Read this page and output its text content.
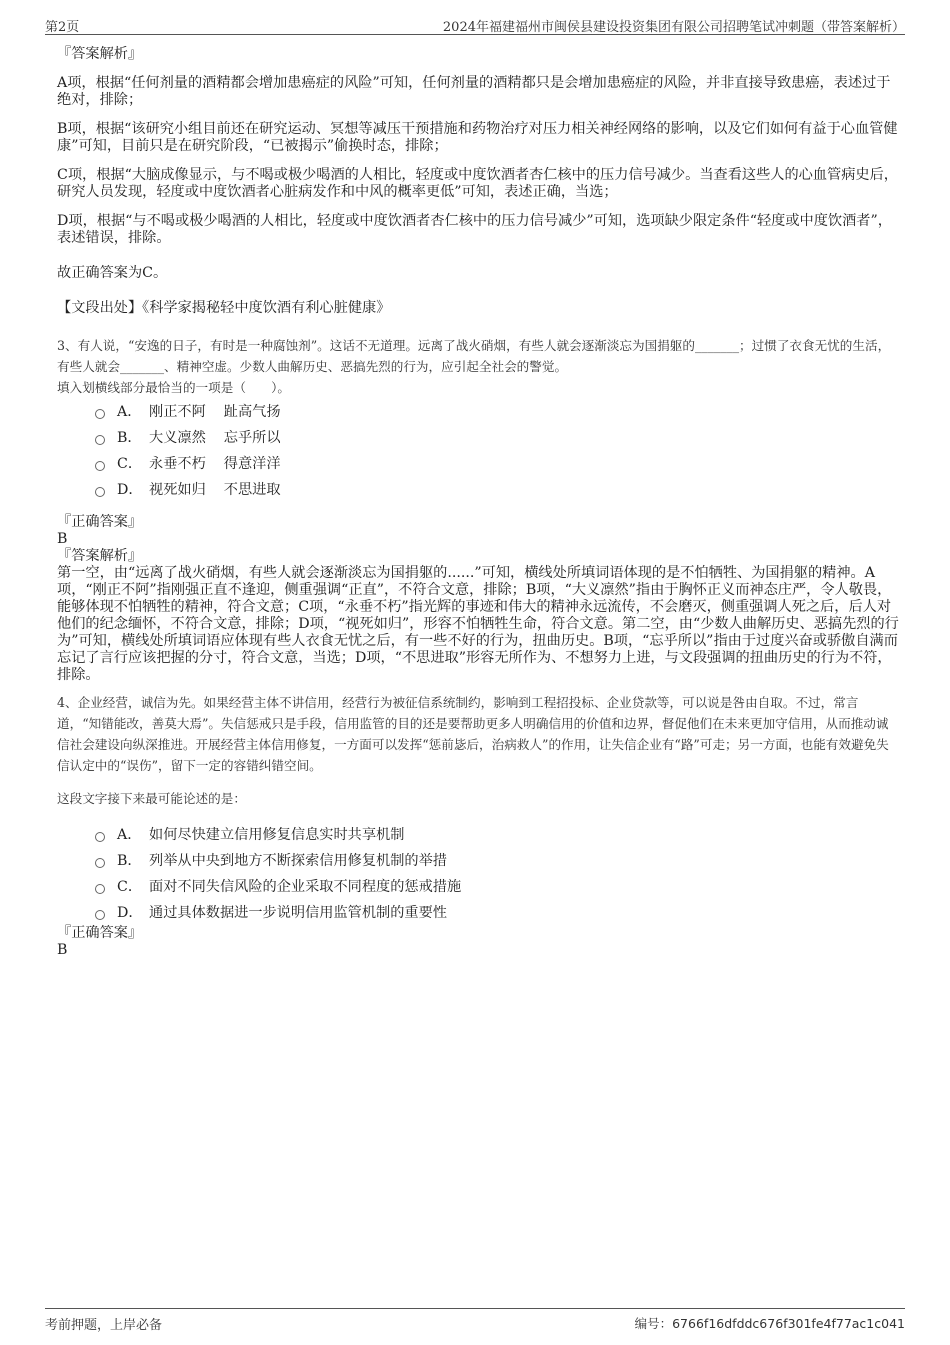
第2页	2024年福建福州市闽侯县建设投资集团有限公司招聘笔试冲刺题（带答案解析）

『答案解析』

A项，根据“任何剂量的酒精都会增加患癌症的风险”可知，任何剂量的酒精都只是会增加患癌症的风险，并非直接导致患癌，表述过于绝对，排除；

B项，根据“该研究小组目前还在研究运动、冥想等减压干预措施和药物治疗对压力相关神经网络的影响，以及它们如何有益于心血管健康”可知，目前只是在研究阶段，“已被揭示”偷换时态，排除；

C项，根据“大脑成像显示，与不喝或极少喝酒的人相比，轻度或中度饮酒者杏仁核中的压力信号减少。当查看这些人的心血管病史后，研究人员发现，轻度或中度饮酒者心脏病发作和中风的概率更低”可知，表述正确，当选；

D项，根据“与不喝或极少喝酒的人相比，轻度或中度饮酒者杏仁核中的压力信号减少”可知，选项缺少限定条件“轻度或中度饮酒者”，表述错误，排除。

故正确答案为C。

【文段出处】《科学家揭秘轻中度饮酒有利心脏健康》

3、有人说，“安逸的日子，有时是一种腐蚀剂”。这话不无道理。远离了战火硝烟，有些人就会逐渐淡忘为国捐躯的_______；过惯了衣食无忧的生活，有些人就会_______、精神空虚。少数人曲解历史、恶搞先烈的行为，应引起全社会的警觉。

填入划横线部分最恰当的一项是（　　）。

A． 刚正不阿 趾高气扬
B． 大义凛然 忘乎所以
C． 永垂不朽 得意洋洋
D． 视死如归 不思进取

『正确答案』

B

『答案解析』

第一空，由“远离了战火硝烟，有些人就会逐渐淡忘为国捐躯的......”可知，横线处所填词语体现的是不怕牺牲、为国捐躯的精神。A项，“刚正不阿”指刚强正直不逢迎，侧重强调“正直”，不符合文意，排除；B项，“大义凛然”指由于胸怀正义而神态庄严，令人敬畏，能够体现不怕牺牲的精神，符合文意；C项，“永垂不朽”指光辉的事迹和伟大的精神永远流传，不会磨灭，侧重强调人死之后，后人对他们的纪念缅怀，不符合文意，排除；D项，“视死如归”，形容不怕牺牲生命，符合文意。第二空，由“少数人曲解历史、恶搞先烈的行为”可知，横线处所填词语应体现有些人衣食无忧之后，有一些不好的行为，扭曲历史。B项，“忘乎所以”指由于过度兴奋或骄傲自满而忘记了言行应该把握的分寸，符合文意，当选；D项，“不思进取”形容无所作为、不想努力上进，与文段强调的扭曲历史的行为不符，排除。

4、企业经营，诚信为先。如果经营主体不讲信用，经营行为被征信系统制约，影响到工程招投标、企业贷款等，可以说是咎由自取。不过，常言道，“知错能改，善莫大焉”。失信惩戒只是手段，信用监管的目的还是要帮助更多人明确信用的价值和边界，督促他们在未来更加守信用，从而推动诚信社会建设向纵深推进。开展经营主体信用修复，一方面可以发挥“惩前毖后，治病救人”的作用，让失信企业有“路”可走；另一方面，也能有效避免失信认定中的“误伤”，留下一定的容错纠错空间。

这段文字接下来最可能论述的是：

A． 如何尽快建立信用修复信息实时共享机制
B． 列举从中央到地方不断探索信用修复机制的举措
C． 面对不同失信风险的企业采取不同程度的惩戒措施
D． 通过具体数据进一步说明信用监管机制的重要性

『正确答案』

B

考前押题，上岸必备	编号：6766f16dfddc676f301fe4f77ac1c041
